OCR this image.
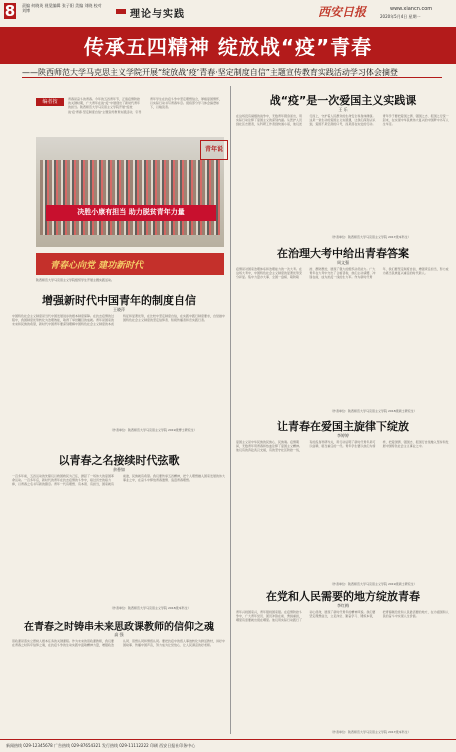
8 责编 何晓英 视觉编辑 张子阳 美编 刘晓 校对 刘博	理论与实践	西安日报	www.xiancn.com
2020年5月4日 星期一
传承五四精神 绽放战“疫”青春
——陕西师范大学马克思主义学院开展“绽放战‘疫’青春·坚定制度自信”主题宣传教育实践活动学习体会摘登
编者按	青春是奋斗的青春。今年的五四青年节，正值疫情防控的关键时期，广大青年在战“疫”中展现出了新时代青年的担当。陕西师范大学马克思主义学院开展“绽放战‘疫’青春·坚定制度自信”主题宣传教育实践活动，引导青年学生在抗疫斗争中坚定理想信念，厚植爱国情怀，以实际行动书写青春华章。现将部分学习体会摘登如下，以飨读者。
决胜小康有担当 助力脱贫青年力量
青年说
青春心向党 建功新时代
陕西师范大学马克思主义学院组织学生开展主题实践活动。
战“疫”是一次爱国主义实践课
王 乐
在这场没有硝烟的战争中，无数青年挺身而出，用实际行动诠释了爱国主义的深刻内涵。从医护人员到社区志愿者，从科研工作者到快递小哥，他们逆行而上，守护着人民群众的生命安全和身体健康。这是一堂生动的爱国主义实践课，让我们深刻认识到，爱国不是空洞的口号，而是落在实处的行动。青年学子要把爱国之情、强国之志、报国之行统一起来，在实现中华民族伟大复兴的中国梦中书写人生华章。
（作者单位：陕西师范大学马克思主义学院 2017级本科生）
在治理大考中给出青春答案
周文强
疫情是对国家治理体系和治理能力的一次大考。在这场大考中，中国特色社会主义制度的显著优势充分彰显。集中力量办大事、全国一盘棋、联防联控、群防群治，展现了强大的组织动员能力。广大青年在大考中交出了合格答卷，他们主动请缨、冲锋在前，成为抗疫一线的生力军。作为新时代青年，我们要坚定制度自信，增强责任担当，努力成为堪当民族复兴重任的时代新人。
（作者单位：陕西师范大学马克思主义学院 2018级硕士研究生）
让青春在爱国主旋律下绽放
李婷婷
爱国主义是中华民族的民族心、民族魂。疫情期间，无数青年用青春和热血诠释了爱国主义精神。他们有的奔赴武汉支援，有的坚守社区防控一线，有的投身科研攻关，用行动证明了新时代青年是可以信赖、堪当重任的一代。青年学生要以他们为榜样，把爱国情、强国志、报国行自觉融入坚持和发展中国特色社会主义事业之中。
（作者单位：陕西师范大学马克思主义学院 2019级硕士研究生）
在党和人民需要的地方绽放青春
李红梅
青年兴则国家兴，青年强则国家强。在疫情防控斗争中，广大青年党员、团员冲锋在前、勇挑重担，哪里有需要就出现在哪里。他们用实际行动践行了初心使命，展现了新时代青年的精神风貌。我们要坚定理想信念，立足岗位、勤奋学习、锤炼本领，把青春献给党和人民最需要的地方，在为祖国和人民的奋斗中实现人生价值。
（作者单位：陕西师范大学马克思主义学院 2017级本科生）
增强新时代中国青年的制度自信
王晓萍
中国特色社会主义制度是当代中国发展进步的根本制度保障。在抗击疫情的过程中，我国制度优势转化为治理效能，取得了举世瞩目的成就。青年是国家的未来和民族的希望，新时代中国青年要深刻理解中国特色社会主义制度的本质特征和显著优势，在比较中坚定制度自信，在实践中践行制度要求，自觉做中国特色社会主义制度的坚定信仰者、积极传播者和忠实践行者。
（作者单位：陕西师范大学马克思主义学院 2019级博士研究生）
以青春之名接续时代弦歌
余香如
一百多年前，五四运动的先驱们以救国救民为己任，掀起了一场伟大的爱国革命运动。一百多年后，新时代的青年在抗击疫情的斗争中，接过历史的接力棒，以青春之名书写新的篇章。青年一代有理想、有本领、有担当，国家就有前途，民族就有希望。我们要传承五四精神，把个人理想融入国家发展的伟大事业之中，在奋斗中释放青春激情、追逐青春理想。
（作者单位：陕西师范大学马克思主义学院 2018级本科生）
在青春之时铸串未来思政课教师的信仰之魂
高 强
思政课是落实立德树人根本任务的关键课程。作为未来的思政课教师，我们要在青春之时铸牢信仰之魂，在抗疫斗争的生动实践中汲取精神力量，增强政治认同、思想认同和情感认同。要把抗疫中的感人事迹转化为鲜活教材，讲好中国故事、传播中国声音，努力成为让党放心、让人民满意的好老师。
新闻热线 029-12345678 广告热线 029-87654321 发行热线 029-11112222 印刷 西安日报社印务中心
